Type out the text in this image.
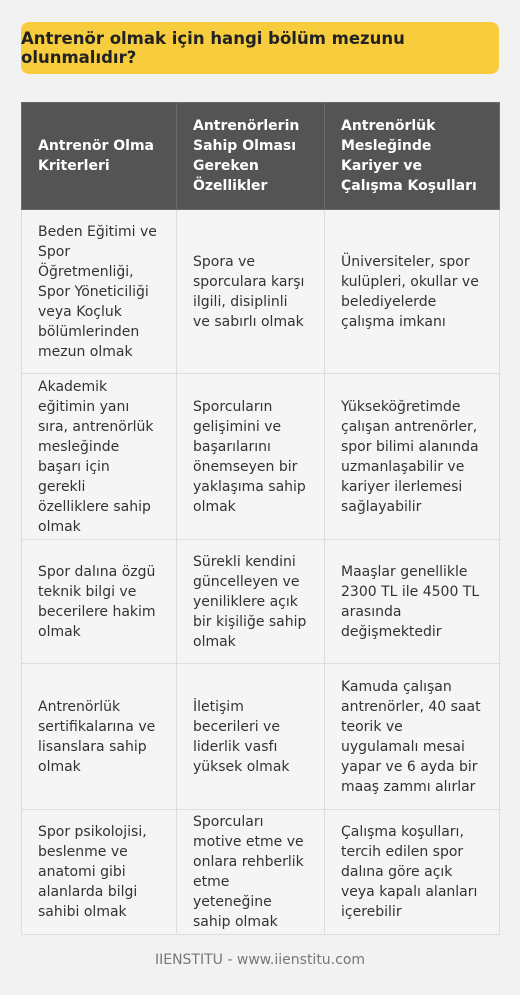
Antrenör olmak için hangi bölüm mezunu olunmalıdır?
Antrenör Olma Kriterleri	Antrenörlerin Sahip Olması Gereken Özellikler	Antrenörlük Mesleğinde Kariyer ve Çalışma Koşulları
Beden Eğitimi ve Spor Öğretmenliği, Spor Yöneticiliği veya Koçluk bölümlerinden mezun olmak	Spora ve sporculara karşı ilgili, disiplinli ve sabırlı olmak	Üniversiteler, spor kulüpleri, okullar ve belediyelerde çalışma imkanı
Akademik eğitimin yanı sıra, antrenörlük mesleğinde başarı için gerekli özelliklere sahip olmak	Sporcuların gelişimini ve başarılarını önemseyen bir yaklaşıma sahip olmak	Yükseköğretimde çalışan antrenörler, spor bilimi alanında uzmanlaşabilir ve kariyer ilerlemesi sağlayabilir
Spor dalına özgü teknik bilgi ve becerilere hakim olmak	Sürekli kendini güncelleyen ve yeniliklere açık bir kişiliğe sahip olmak	Maaşlar genellikle 2300 TL ile 4500 TL arasında değişmektedir
Antrenörlük sertifikalarına ve lisanslara sahip olmak	İletişim becerileri ve liderlik vasfı yüksek olmak	Kamuda çalışan antrenörler, 40 saat teorik ve uygulamalı mesai yapar ve 6 ayda bir maaş zammı alırlar
Spor psikolojisi, beslenme ve anatomi gibi alanlarda bilgi sahibi olmak	Sporcuları motive etme ve onlara rehberlik etme yeteneğine sahip olmak	Çalışma koşulları, tercih edilen spor dalına göre açık veya kapalı alanları içerebilir
IIENSTITU - www.iienstitu.com
